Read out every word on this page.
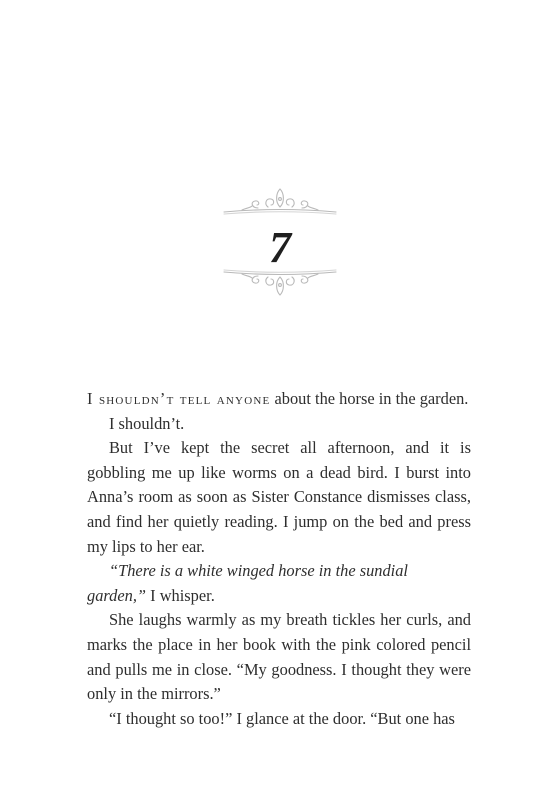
7

I shouldn’t tell anyone about the horse in the garden.

I shouldn’t.

But I’ve kept the secret all afternoon, and it is gobbling me up like worms on a dead bird. I burst into Anna’s room as soon as Sister Constance dismisses class, and find her quietly reading. I jump on the bed and press my lips to her ear.

“There is a white winged horse in the sundial garden,” I whisper.

She laughs warmly as my breath tickles her curls, and marks the place in her book with the pink colored pencil and pulls me in close. “My goodness. I thought they were only in the mirrors.”

“I thought so too!” I glance at the door. “But one has
